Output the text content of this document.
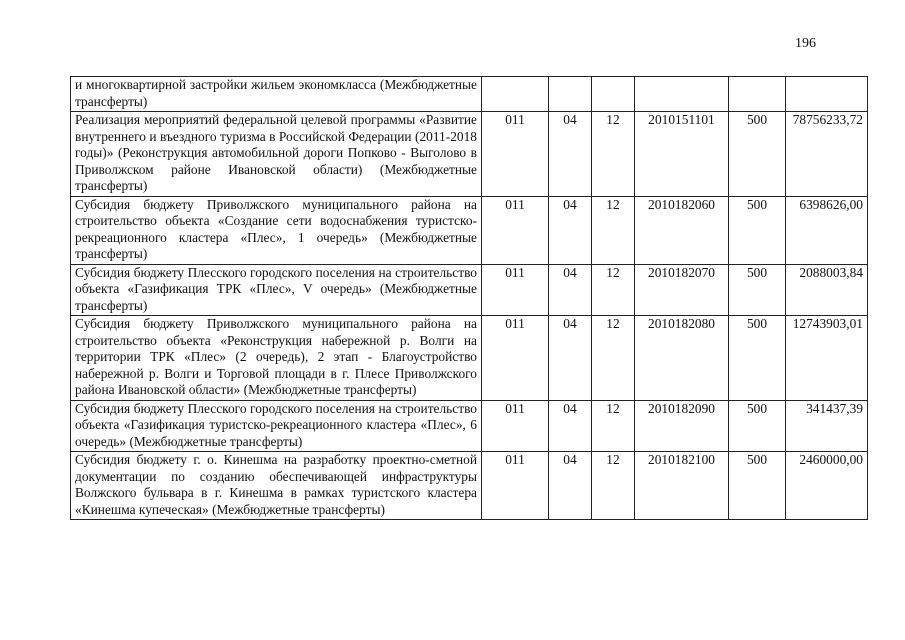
196
и многоквартирной застройки жильем экономкласса (Межбюджетные трансферты)						
Реализация мероприятий федеральной целевой программы «Развитие внутреннего и въездного туризма в Российской Федерации (2011-2018 годы)» (Реконструкция автомобильной дороги Попково - Выголово в Приволжском районе Ивановской области) (Межбюджетные трансферты)	011	04	12	2010151101	500	78756233,72
Субсидия бюджету Приволжского муниципального района на строительство объекта «Создание сети водоснабжения туристско-рекреационного кластера «Плес», 1 очередь» (Межбюджетные трансферты)	011	04	12	2010182060	500	6398626,00
Субсидия бюджету Плесского городского поселения на строительство объекта «Газификация ТРК «Плес», V очередь» (Межбюджетные трансферты)	011	04	12	2010182070	500	2088003,84
Субсидия бюджету Приволжского муниципального района на строительство объекта «Реконструкция набережной р. Волги на территории ТРК «Плес» (2 очередь), 2 этап - Благоустройство набережной р. Волги и Торговой площади в г. Плесе Приволжского района Ивановской области» (Межбюджетные трансферты)	011	04	12	2010182080	500	12743903,01
Субсидия бюджету Плесского городского поселения на строительство объекта «Газификация туристско-рекреационного кластера «Плес», 6 очередь» (Межбюджетные трансферты)	011	04	12	2010182090	500	341437,39
Субсидия бюджету г. о. Кинешма на разработку проектно-сметной документации по созданию обеспечивающей инфраструктуры Волжского бульвара в г. Кинешма в рамках туристского кластера «Кинешма купеческая» (Межбюджетные трансферты)	011	04	12	2010182100	500	2460000,00
